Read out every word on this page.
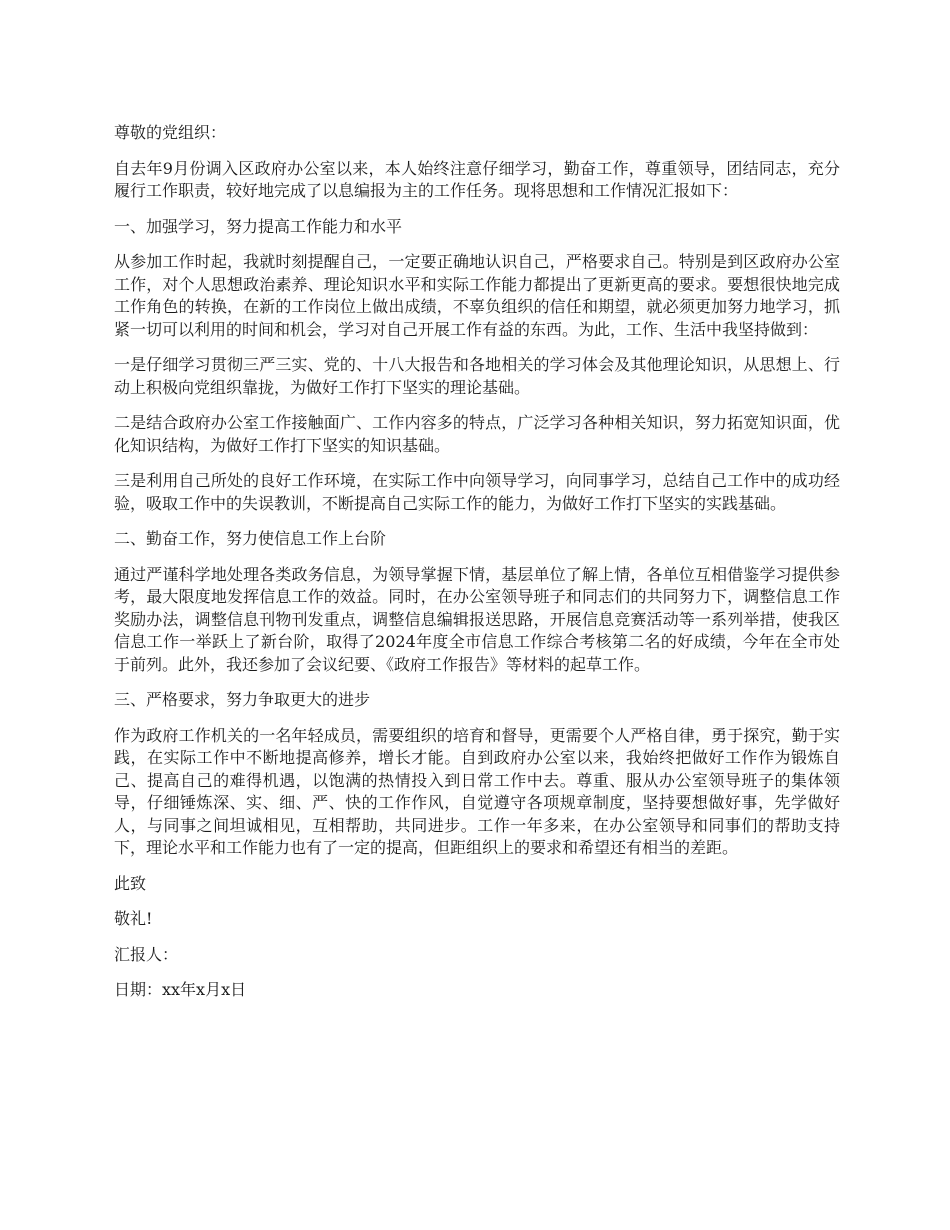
尊敬的党组织：

自去年9月份调入区政府办公室以来，本人始终注意仔细学习，勤奋工作，尊重领导，团结同志，充分履行工作职责，较好地完成了以息编报为主的工作任务。现将思想和工作情况汇报如下：

一、加强学习，努力提高工作能力和水平

从参加工作时起，我就时刻提醒自己，一定要正确地认识自己，严格要求自己。特别是到区政府办公室工作，对个人思想政治素养、理论知识水平和实际工作能力都提出了更新更高的要求。要想很快地完成工作角色的转换，在新的工作岗位上做出成绩，不辜负组织的信任和期望，就必须更加努力地学习，抓紧一切可以利用的时间和机会，学习对自己开展工作有益的东西。为此，工作、生活中我坚持做到：

一是仔细学习贯彻三严三实、党的、十八大报告和各地相关的学习体会及其他理论知识，从思想上、行动上积极向党组织靠拢，为做好工作打下坚实的理论基础。

二是结合政府办公室工作接触面广、工作内容多的特点，广泛学习各种相关知识，努力拓宽知识面，优化知识结构，为做好工作打下坚实的知识基础。

三是利用自己所处的良好工作环境，在实际工作中向领导学习，向同事学习，总结自己工作中的成功经验，吸取工作中的失误教训，不断提高自己实际工作的能力，为做好工作打下坚实的实践基础。

二、勤奋工作，努力使信息工作上台阶

通过严谨科学地处理各类政务信息，为领导掌握下情，基层单位了解上情，各单位互相借鉴学习提供参考，最大限度地发挥信息工作的效益。同时，在办公室领导班子和同志们的共同努力下，调整信息工作奖励办法，调整信息刊物刊发重点，调整信息编辑报送思路，开展信息竞赛活动等一系列举措，使我区信息工作一举跃上了新台阶，取得了2024年度全市信息工作综合考核第二名的好成绩，今年在全市处于前列。此外，我还参加了会议纪要、《政府工作报告》等材料的起草工作。

三、严格要求，努力争取更大的进步

作为政府工作机关的一名年轻成员，需要组织的培育和督导，更需要个人严格自律，勇于探究，勤于实践，在实际工作中不断地提高修养，增长才能。自到政府办公室以来，我始终把做好工作作为锻炼自己、提高自己的难得机遇，以饱满的热情投入到日常工作中去。尊重、服从办公室领导班子的集体领导，仔细锤炼深、实、细、严、快的工作作风，自觉遵守各项规章制度，坚持要想做好事，先学做好人，与同事之间坦诚相见，互相帮助，共同进步。工作一年多来，在办公室领导和同事们的帮助支持下，理论水平和工作能力也有了一定的提高，但距组织上的要求和希望还有相当的差距。

此致

敬礼!

汇报人：

日期：xx年x月x日
